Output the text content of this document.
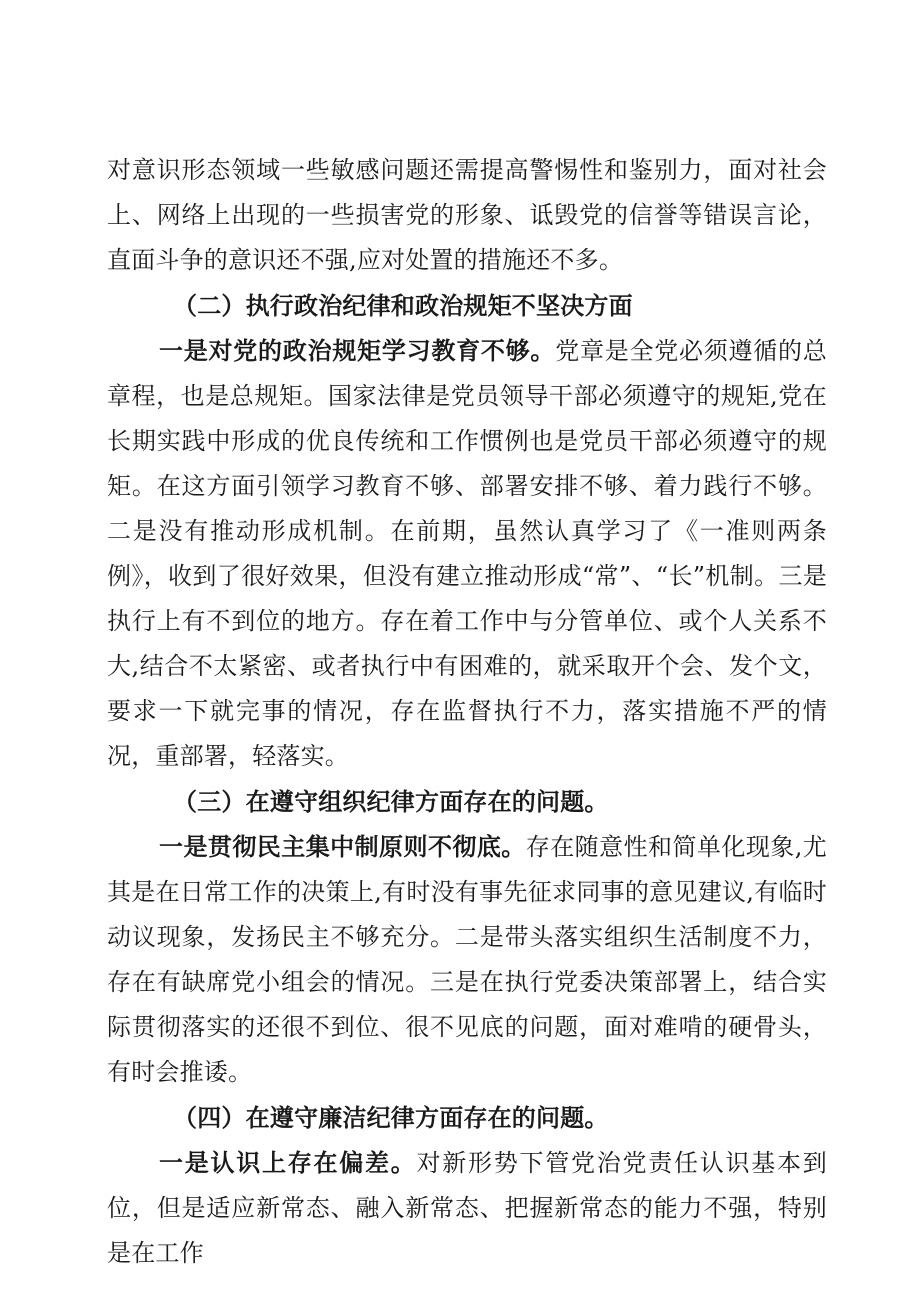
对意识形态领域一些敏感问题还需提高警惕性和鉴别力，面对社会上、网络上出现的一些损害党的形象、诋毁党的信誉等错误言论，直面斗争的意识还不强,应对处置的措施还不多。

（二）执行政治纪律和政治规矩不坚决方面

一是对党的政治规矩学习教育不够。党章是全党必须遵循的总章程，也是总规矩。国家法律是党员领导干部必须遵守的规矩,党在长期实践中形成的优良传统和工作惯例也是党员干部必须遵守的规矩。在这方面引领学习教育不够、部署安排不够、着力践行不够。二是没有推动形成机制。在前期，虽然认真学习了《一准则两条例》，收到了很好效果，但没有建立推动形成“常”、“长”机制。三是执行上有不到位的地方。存在着工作中与分管单位、或个人关系不大,结合不太紧密、或者执行中有困难的，就采取开个会、发个文，要求一下就完事的情况，存在监督执行不力，落实措施不严的情况，重部署，轻落实。

（三）在遵守组织纪律方面存在的问题。

一是贯彻民主集中制原则不彻底。存在随意性和简单化现象,尤其是在日常工作的决策上,有时没有事先征求同事的意见建议,有临时动议现象，发扬民主不够充分。二是带头落实组织生活制度不力，存在有缺席党小组会的情况。三是在执行党委决策部署上，结合实际贯彻落实的还很不到位、很不见底的问题，面对难啃的硬骨头，有时会推诿。

（四）在遵守廉洁纪律方面存在的问题。

一是认识上存在偏差。对新形势下管党治党责任认识基本到位，但是适应新常态、融入新常态、把握新常态的能力不强，特别是在工作
